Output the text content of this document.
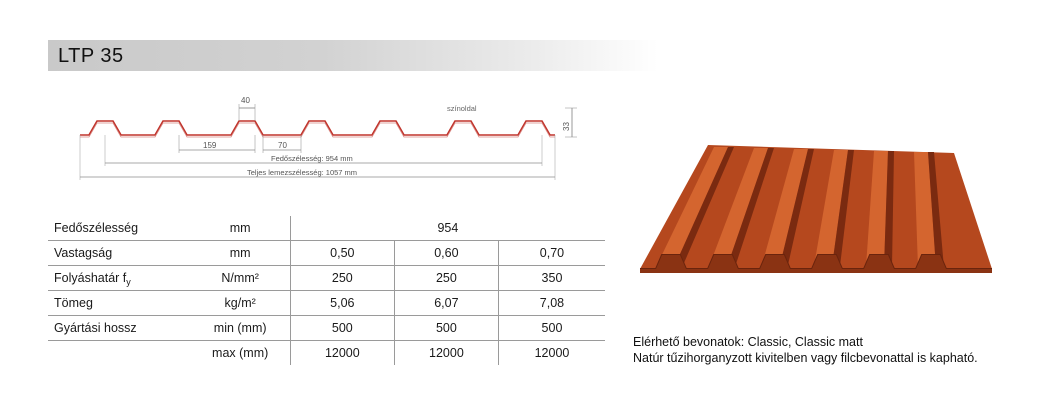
LTP 35
40
színoldal
33
159	70
Fedőszélesség: 954 mm
Teljes lemezszélesség: 1057 mm
Fedőszélesség	mm	954		
Vastagság	mm	0,50	0,60	0,70
Folyáshatár $f_y$	N/mm²	250	250	350
Tömeg	kg/m²	5,06	6,07	7,08
Gyártási hossz	min (mm)	500	500	500
	max (mm)	12000	12000	12000
Elérhető bevonatok: Classic, Classic matt
Natúr tűzihorganyzott kivitelben vagy filcbevonattal is kapható.
